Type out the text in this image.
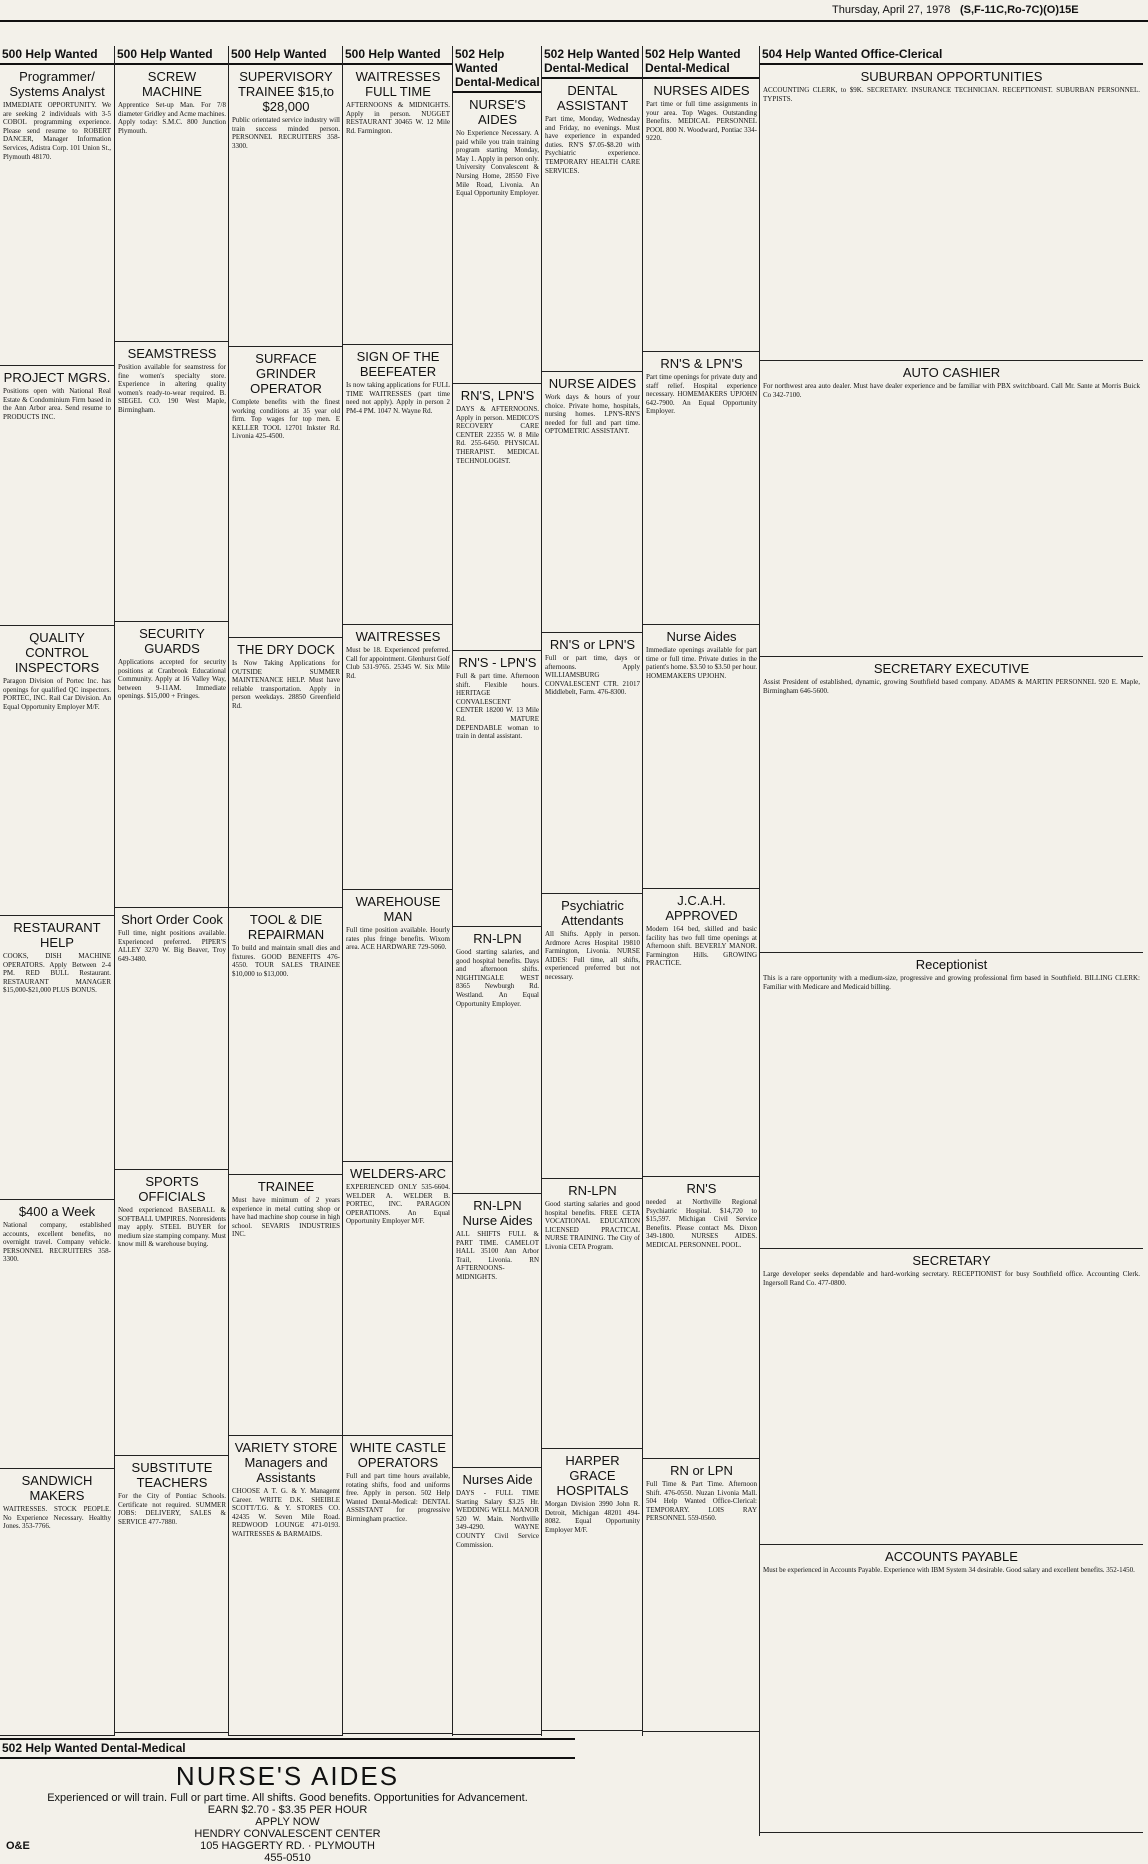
Thursday, April 27, 1978 (S,F-11C,Ro-7C)(O)15E
500 Help Wanted
Programmer/ Systems Analyst
IMMEDIATE OPPORTUNITY. We are seeking 2 individuals with 3-5 COBOL programming experience. Please send resume to ROBERT DANCER, Manager Information Services, Adistra Corp. 101 Union St., Plymouth 48170.
PROJECT MGRS.
Positions open with National Real Estate & Condominium Firm based in the Ann Arbor area. Send resume to PRODUCTS INC.
QUALITY CONTROL INSPECTORS
Paragon Division of Portec Inc. has openings for qualified QC inspectors. PORTEC, INC. Rail Car Division. An Equal Opportunity Employer M/F.
RESTAURANT HELP
COOKS, DISH MACHINE OPERATORS. Apply Between 2-4 PM. RED BULL Restaurant. RESTAURANT MANAGER $15,000-$21,000 PLUS BONUS.
$400 a Week
National company, established accounts, excellent benefits, no overnight travel. Company vehicle. PERSONNEL RECRUITERS 358-3300.
SANDWICH MAKERS
WAITRESSES. STOCK PEOPLE. No Experience Necessary. Healthy Jones. 353-7766.
500 Help Wanted
SCREW MACHINE
Apprentice Set-up Man. For 7/8 diameter Gridley and Acme machines. Apply today: S.M.C. 800 Junction Plymouth.
SEAMSTRESS
Position available for seamstress for fine women's specialty store. Experience in altering quality women's ready-to-wear required. B. SIEGEL CO. 190 West Maple, Birmingham.
SECURITY GUARDS
Applications accepted for security positions at Cranbrook Educational Community. Apply at 16 Valley Way, between 9-11AM. Immediate openings. $15,000 + Fringes.
Short Order Cook
Full time, night positions available. Experienced preferred. PIPER'S ALLEY 3270 W. Big Beaver, Troy 649-3480.
SPORTS OFFICIALS
Need experienced BASEBALL & SOFTBALL UMPIRES. Nonresidents may apply. STEEL BUYER for medium size stamping company. Must know mill & warehouse buying.
SUBSTITUTE TEACHERS
For the City of Pontiac Schools. Certificate not required. SUMMER JOBS: DELIVERY, SALES & SERVICE 477-7880.
500 Help Wanted
SUPERVISORY TRAINEE $15,to $28,000
Public orientated service industry will train success minded person. PERSONNEL RECRUITERS 358-3300.
SURFACE GRINDER OPERATOR
Complete benefits with the finest working conditions at 35 year old firm. Top wages for top men. E KELLER TOOL 12701 Inkster Rd. Livonia 425-4500.
THE DRY DOCK
Is Now Taking Applications for OUTSIDE SUMMER MAINTENANCE HELP. Must have reliable transportation. Apply in person weekdays. 28850 Greenfield Rd.
TOOL & DIE REPAIRMAN
To build and maintain small dies and fixtures. GOOD BENEFITS 476-4550. TOUR SALES TRAINEE $10,000 to $13,000.
TRAINEE
Must have minimum of 2 years experience in metal cutting shop or have had machine shop course in high school. SEVARIS INDUSTRIES INC.
VARIETY STORE Managers and Assistants
CHOOSE A T. G. & Y. Managemt Career. WRITE D.K. SHEIBLE SCOTT/T.G. & Y. STORES CO. 42435 W. Seven Mile Road. REDWOOD LOUNGE 471-0193. WAITRESSES & BARMAIDS.
500 Help Wanted
WAITRESSES FULL TIME
AFTERNOONS & MIDNIGHTS. Apply in person. NUGGET RESTAURANT 30465 W. 12 Mile Rd. Farmington.
SIGN OF THE BEEFEATER
Is now taking applications for FULL TIME WAITRESSES (part time need not apply). Apply in person 2 PM-4 PM. 1047 N. Wayne Rd.
WAITRESSES
Must be 18. Experienced preferred. Call for appointment. Glenhurst Golf Club 531-9765. 25345 W. Six Mile Rd.
WAREHOUSE MAN
Full time position available. Hourly rates plus fringe benefits. Wixom area. ACE HARDWARE 729-5060.
WELDERS-ARC
EXPERIENCED ONLY 535-6604. WELDER A. WELDER B. PORTEC, INC. PARAGON OPERATIONS. An Equal Opportunity Employer M/F.
WHITE CASTLE OPERATORS
Full and part time hours available, rotating shifts, food and uniforms free. Apply in person. 502 Help Wanted Dental-Medical: DENTAL ASSISTANT for progressive Birmingham practice.
502 Help Wanted Dental-Medical
NURSE'S AIDES
No Experience Necessary. A paid while you train training program starting Monday, May 1. Apply in person only. University Convalescent & Nursing Home, 28550 Five Mile Road, Livonia. An Equal Opportunity Employer.
RN'S, LPN'S
DAYS & AFTERNOONS. Apply in person. MEDICO'S RECOVERY CARE CENTER 22355 W. 8 Mile Rd. 255-6450. PHYSICAL THERAPIST. MEDICAL TECHNOLOGIST.
RN'S - LPN'S
Full & part time. Afternoon shift. Flexible hours. HERITAGE CONVALESCENT CENTER 18200 W. 13 Mile Rd. MATURE DEPENDABLE woman to train in dental assistant.
RN-LPN
Good starting salaries, and good hospital benefits. Days and afternoon shifts. NIGHTINGALE WEST 8365 Newburgh Rd. Westland. An Equal Opportunity Employer.
RN-LPN Nurse Aides
ALL SHIFTS FULL & PART TIME. CAMELOT HALL 35100 Ann Arbor Trail, Livonia. RN AFTERNOONS-MIDNIGHTS.
Nurses Aide
DAYS - FULL TIME Starting Salary $3.25 Hr. WEDDING WELL MANOR 520 W. Main. Northville 349-4290. WAYNE COUNTY Civil Service Commission.
502 Help Wanted Dental-Medical
DENTAL ASSISTANT
Part time, Monday, Wednesday and Friday, no evenings. Must have experience in expanded duties. RN'S $7.05-$8.20 with Psychiatric experience. TEMPORARY HEALTH CARE SERVICES.
NURSE AIDES
Work days & hours of your choice. Private home, hospitals, nursing homes. LPN'S-RN'S needed for full and part time. OPTOMETRIC ASSISTANT.
RN'S or LPN'S
Full or part time, days or afternoons. Apply WILLIAMSBURG CONVALESCENT CTR. 21017 Middlebelt, Farm. 476-8300.
Psychiatric Attendants
All Shifts. Apply in person. Ardmore Acres Hospital 19810 Farmington, Livonia. NURSE AIDES: Full time, all shifts, experienced preferred but not necessary.
RN-LPN
Good starting salaries and good hospital benefits. FREE CETA VOCATIONAL EDUCATION LICENSED PRACTICAL NURSE TRAINING. The City of Livonia CETA Program.
HARPER GRACE HOSPITALS
Morgan Division 3990 John R. Detroit, Michigan 48201 494-8082. Equal Opportunity Employer M/F.
502 Help Wanted Dental-Medical
NURSES AIDES
Part time or full time assignments in your area. Top Wages. Outstanding Benefits. MEDICAL PERSONNEL POOL 800 N. Woodward, Pontiac 334-9220.
RN'S & LPN'S
Part time openings for private duty and staff relief. Hospital experience necessary. HOMEMAKERS UPJOHN 642-7900. An Equal Opportunity Employer.
Nurse Aides
Immediate openings available for part time or full time. Private duties in the patient's home. $3.50 to $3.50 per hour. HOMEMAKERS UPJOHN.
J.C.A.H. APPROVED
Modern 164 bed, skilled and basic facility has two full time openings at Afternoon shift. BEVERLY MANOR. Farmington Hills. GROWING PRACTICE.
RN'S
needed at Northville Regional Psychiatric Hospital. $14,720 to $15,597. Michigan Civil Service Benefits. Please contact Ms. Dixon 349-1800. NURSES AIDES. MEDICAL PERSONNEL POOL.
RN or LPN
Full Time & Part Time. Afternoon Shift. 476-0550. Nuzan Livonia Mall. 504 Help Wanted Office-Clerical: TEMPORARY. LOIS RAY PERSONNEL 559-0560.
504 Help Wanted Office-Clerical
SUBURBAN OPPORTUNITIES
ACCOUNTING CLERK, to $9K. SECRETARY. INSURANCE TECHNICIAN. RECEPTIONIST. SUBURBAN PERSONNEL. TYPISTS.
AUTO CASHIER
For northwest area auto dealer. Must have dealer experience and be familiar with PBX switchboard. Call Mr. Sante at Morris Buick Co 342-7100.
SECRETARY EXECUTIVE
Assist President of established, dynamic, growing Southfield based company. ADAMS & MARTIN PERSONNEL 920 E. Maple, Birmingham 646-5600.
Receptionist
This is a rare opportunity with a medium-size, progressive and growing professional firm based in Southfield. BILLING CLERK: Familiar with Medicare and Medicaid billing.
SECRETARY
Large developer seeks dependable and hard-working secretary. RECEPTIONIST for busy Southfield office. Accounting Clerk. Ingersoll Rand Co. 477-0800.
ACCOUNTS PAYABLE
Must be experienced in Accounts Payable. Experience with IBM System 34 desirable. Good salary and excellent benefits. 352-1450.
502 Help Wanted Dental-Medical
NURSE'S AIDES
Experienced or will train. Full or part time. All shifts. Good benefits. Opportunities for Advancement.
EARN $2.70 - $3.35 PER HOUR
APPLY NOW
HENDRY CONVALESCENT CENTER
105 HAGGERTY RD. · PLYMOUTH
455-0510
O&E
